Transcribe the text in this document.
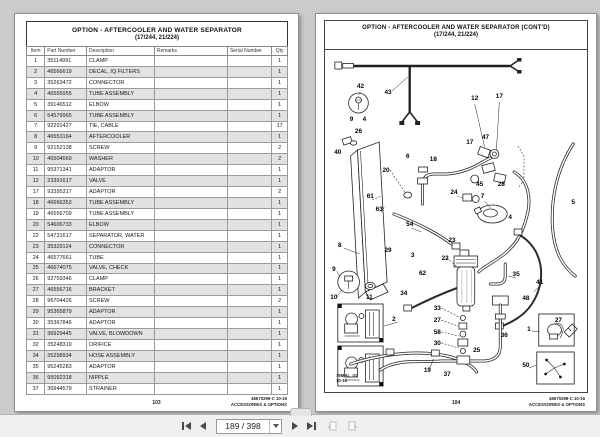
OPTION - AFTERCOOLER AND WATER SEPARATOR
(17/244, 21/224)
Item	Part Number	Description	Remarks	Serial Number	Qty
1	35114991	CLAMP			1
2	46566619	DECAL, IQ FILTERS			1
3	35263472	CONNECTOR			1
4	46565955	TUBE ASSEMBLY			1
5	39146512	ELBOW			1
6	54579965	TUBE ASSEMBLY			1
7	92291427	TIE, CABLE			17
8	46553164	AFTERCOOLER			1
9	92152138	SCREW			2
10	46504669	WASHER			2
11	95371341	ADAPTOR			1
12	23391617	VALVE			1
17	93395317	ADAPTOR			2
18	46666353	TUBE ASSEMBLY			1
19	46556709	TUBE ASSEMBLY			1
20	54606733	ELBOW			1
22	54731617	SEPARATOR, WATER			1
23	35329124	CONNECTOR			1
24	46577661	TUBE			1
25	46674075	VALVE, CHECK			1
26	92759346	CLAMP			1
27	46556716	BRACKET			1
28	96704426	SCREW			2
29	95365879	ADAPTOR			1
30	35367846	ADAPTOR			1
31	36929445	VALVE, BLOWDOWN			1
32	35248319	ORIFICE			1
34	35298934	HOSE ASSEMBLY			1
35	95245283	ADAPTOR			1
36	95092318	NIPPLE			1
37	36944579	STRAINER			1
103
46670299-C 10-16
ACCESSORIES & OPTIONS
OPTION - AFTERCOOLER AND WATER SEPARATOR (CONT'D)
(17/244, 21/224)
43
42
9 4
26
40
12	17
47
17
6	18
20
24
45 28
61
63
7
5
4
54
8
29
3
23
22
9
10	11
34
62	35
41
48
33
27
58
30
36
25
37
19
27
1
50
2
76MAL_01
10-16
104
46670299-C 10-16
ACCESSORIES & OPTIONS
189 / 398
